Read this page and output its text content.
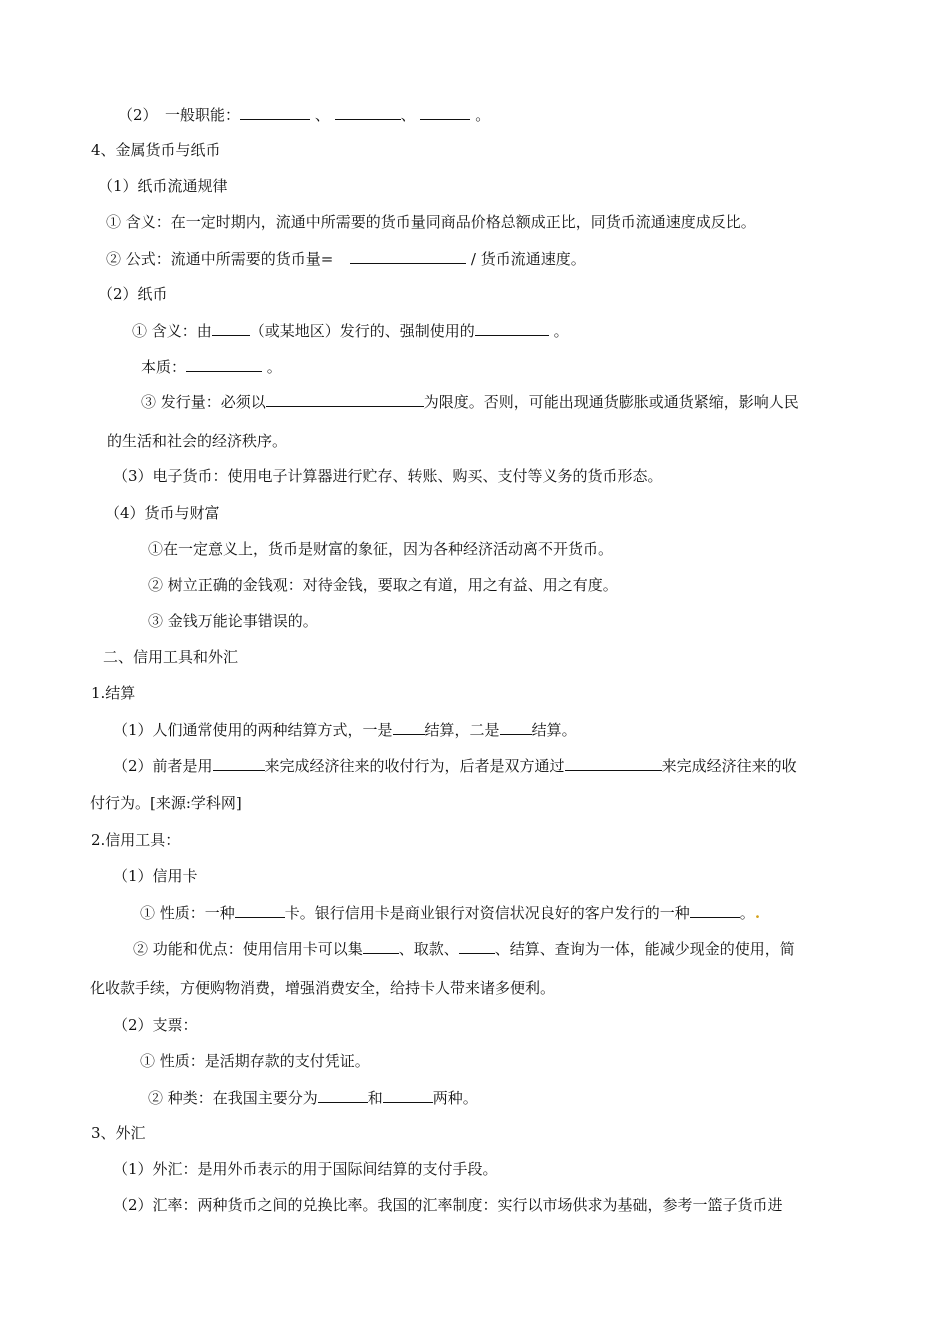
（2）　一般职能：	、	、	。
4、金属货币与纸币
（1）纸币流通规律
① 含义：在一定时期内，流通中所需要的货币量同商品价格总额成正比，同货币流通速度成反比。
② 公式：流通中所需要的货币量=	/ 货币流通速度。
（2）纸币
① 含义：由	（或某地区）发行的、强制使用的	。
本质：	。
③ 发行量：必须以	为限度。否则，可能出现通货膨胀或通货紧缩，影响人民
的生活和社会的经济秩序。
（3）电子货币：使用电子计算器进行贮存、转账、购买、支付等义务的货币形态。
（4）货币与财富
①在一定意义上，货币是财富的象征，因为各种经济活动离不开货币。
② 树立正确的金钱观：对待金钱，要取之有道，用之有益、用之有度。
③ 金钱万能论事错误的。
二、信用工具和外汇
1.结算
（1）人们通常使用的两种结算方式，一是 结算，二是 结算。
（2）前者是用	来完成经济往来的收付行为，后者是双方通过	来完成经济往来的收
付行为。[来源:学科网]
2.信用工具：
（1）信用卡
① 性质：一种	卡。银行信用卡是商业银行对资信状况良好的客户发行的一种	。.
② 功能和优点：使用信用卡可以集 、取款、 、结算、查询为一体，能减少现金的使用，简
化收款手续，方便购物消费，增强消费安全，给持卡人带来诸多便利。
（2）支票：
① 性质：是活期存款的支付凭证。
② 种类：在我国主要分为	和	两种。
3、外汇
（1）外汇：是用外币表示的用于国际间结算的支付手段。
（2）汇率：两种货币之间的兑换比率。我国的汇率制度：实行以市场供求为基础，参考一篮子货币进
